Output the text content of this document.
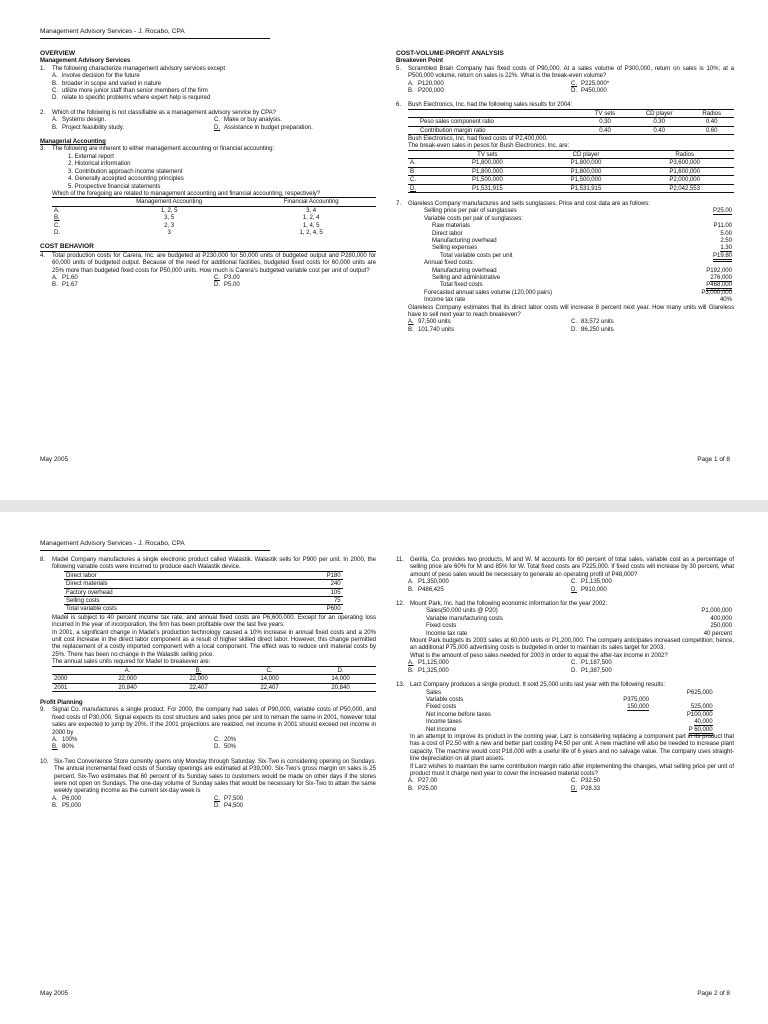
Management Advisory Services - J. Rocabo, CPA
OVERVIEW
Management Advisory Services
1.	The following characterize management advisory services except
A. involve decision for the future
B. broader in scope and varied in nature
C. utilize more junior staff than senior members of the firm
D. relate to specific problems where expert help is required
2.	Which of the following is not classifiable as a management advisory service by CPA?
A. Systems design.	C. Make or buy analysis.
B. Project feasibility study.	D. Assistance in budget preparation.
Managerial Accounting
3.	The following are inherent to either management accounting or financial accounting:
1. External report
2. Historical information
3. Contribution approach income statement
4. Generally accepted accounting principles
5. Prospective financial statements
Which of the foregoing are related to management accounting and financial accounting, respectively?
	Management Accounting	Financial Accounting
A.	1, 2, 5	3, 4
B.	3, 5	1, 2, 4
C.	2, 3	1, 4, 5
D.	3	1, 2, 4, 5
COST BEHAVIOR
4.	Total production costs for Carera, Inc. are budgeted at P230,000 for 50,000 units of budgeted output and P280,000 for 60,000 units of budgeted output. Because of the need for additional facilities, budgeted fixed costs for 60,000 units are 25% more than budgeted fixed costs for P50,000 units. How much is Carera’s budgeted variable cost per unit of output?
A. P1.60	C. P3.00
B. P1.67	D. P5.00
COST-VOLUME-PROFIT ANALYSIS
Breakeven Point
5.	Scrambled Brain Company has fixed costs of P90,000. At a sales volume of P300,000, return on sales is 10%; at a P500,000 volume, return on sales is 22%. What is the break-even volume?
A. P120,000	C. P225,000*
B. P200,000	D. P450,000
6.	Bush Electronics, Inc. had the following sales results for 2004:
	TV sets	CD player	Radios
Peso sales component ratio	0.30	0.30	0.40
Contribution margin ratio	0.40	0.40	0.60
Bush Electronics, Inc. had fixed costs of P2,400,000.
The break-even sales in pesos for Bush Electronics, Inc. are:
	TV sets	CD player	Radios
A.	P1,800,000	P1,800,000	P3,600,000
B	P1,800,000	P1,800,000	P1,600,000
C.	P1,500,000	P1,500,000	P2,000,000
D.	P1,531,915	P1,531,915	P2,042,553
7.	Glareless Company manufactures and sells sunglasses. Price and cost data are as follows:
Selling price per pair of sunglasses	P25.00
Variable costs per pair of sunglasses:	
Raw materials	P11.00
Direct labor	5.00
Manufacturing overhead	2.50
Selling expenses	1.30
Total variable costs per unit	P19.80
Annual fixed costs:	
Manufacturing overhead	P192,000
Selling and administrative	276,000
Total fixed costs	P468,000
Forecasted annual sales volume (120,000 pairs)	P3,000,000
Income tax rate	40%
Glareless Company estimates that its direct labor costs will increase 8 percent next year. How many units will Glareless have to sell next year to reach breakeven?
A. 97,500 units	C. 83,572 units
B. 101,740 units	D. 86,250 units
May 2005	Page 1 of 8
Management Advisory Services - J. Rocabo, CPA
8.	Madel Company manufactures a single electronic product called Walastik. Walastik sells for P900 per unit. In 2000, the following variable costs were incurred to produce each Walastik device.
Direct labor	P180
Direct materials	240
Factory overhead	105
Selling costs	75
Total variable costs	P600
Madel is subject to 40 percent income tax rate, and annual fixed costs are P6,600,000. Except for an operating loss incurred in the year of incorporation, the firm has been profitable over the last five years.
In 2001, a significant change in Madel’s production technology caused a 10% increase in annual fixed costs and a 20% unit cost increase in the direct labor component as a result of higher skilled direct labor. However, this change permitted the replacement of a costly imported component with a local component. The effect was to reduce unit material costs by 25%. There has been no change in the Walastik selling price.
The annual sales units required for Madel to breakeven are:
	A.	B.	C.	D.
2000	22,000	22,000	14,000	14,000
2001	20,840	22,407	22,407	20,840
Profit Planning
9.	Signal Co. manufactures a single product. For 2000, the company had sales of P90,000, variable costs of P50,000, and fixed costs of P30,000. Signal expects its cost structure and sales price per unit to remain the same in 2001, however total sales are expected to jump by 20%. If the 2001 projections are realized, net income in 2001 should exceed net income in 2000 by
A. 100%	C. 20%
B. 80%	D. 50%
10. Six-Two Convenience Store currently opens only Monday through Saturday. Six-Two is considering opening on Sundays. The annual incremental fixed costs of Sunday openings are estimated at P39,000. Six-Two’s gross margin on sales is 25 percent. Six-Two estimates that 60 percent of its Sunday sales to customers would be made on other days if the stores were not open on Sundays. The one-day volume of Sunday sales that would be necessary for Six-Two to attain the same weekly operating income as the current six-day week is
A. P6,000	C. P7,500
B. P5,000	D. P4,500
11.	Gerilla, Co. provides two products, M and W. M accounts for 60 percent of total sales, variable cost as a percentage of selling price are 60% for M and 85% for W. Total fixed costs are P225,000. If fixed costs will increase by 30 percent, what amount of peso sales would be necessary to generate an operating profit of P48,000?
A. P1,350,000	C. P1,135,000
B. P486,425	D. P910,000
12. Mount Park, Inc. had the following economic information for the year 2002:
Sales(50,000 units @ P20)	P1,000,000
Variable manufacturing costs	400,000
Fixed costs	250,000
Income tax rate	40 percent
Mount Park budgets its 2003 sales at 60,000 units or P1,200,000. The company anticipates increased competition; hence, an additional P75,000 advertising costs is budgeted in order to maintain its sales target for 2003.
What is the amount of peso sales needed for 2003 in order to equal the after-tax income in 2002?
A. P1,125,000	C. P1,187,500
B. P1,325,000	D. P1,387,500
13. Larz Company produces a single product. It sold 25,000 units last year with the following results:
Sales		P625,000
Variable costs	P375,000	
Fixed costs	150,000	525,000
Net income before taxes		P100,000
Income taxes		40,000
Net income		P 60,000
In an attempt to improve its product in the coming year, Larz is considering replacing a component part in its product that has a cost of P2.50 with a new and better part costing P4.50 per unit. A new machine will also be needed to increase plant capacity. The machine would cost P18,000 with a useful life of 6 years and no salvage value. The company uses straight-line depreciation on all plant assets.
If Larz wishes to maintain the same contribution margin ratio after implementing the changes, what selling price per unit of product must it charge next year to cover the increased material costs?
A. P27.00	C. P32.50
B. P25.00	D. P28.33
May 2005	Page 2 of 8
